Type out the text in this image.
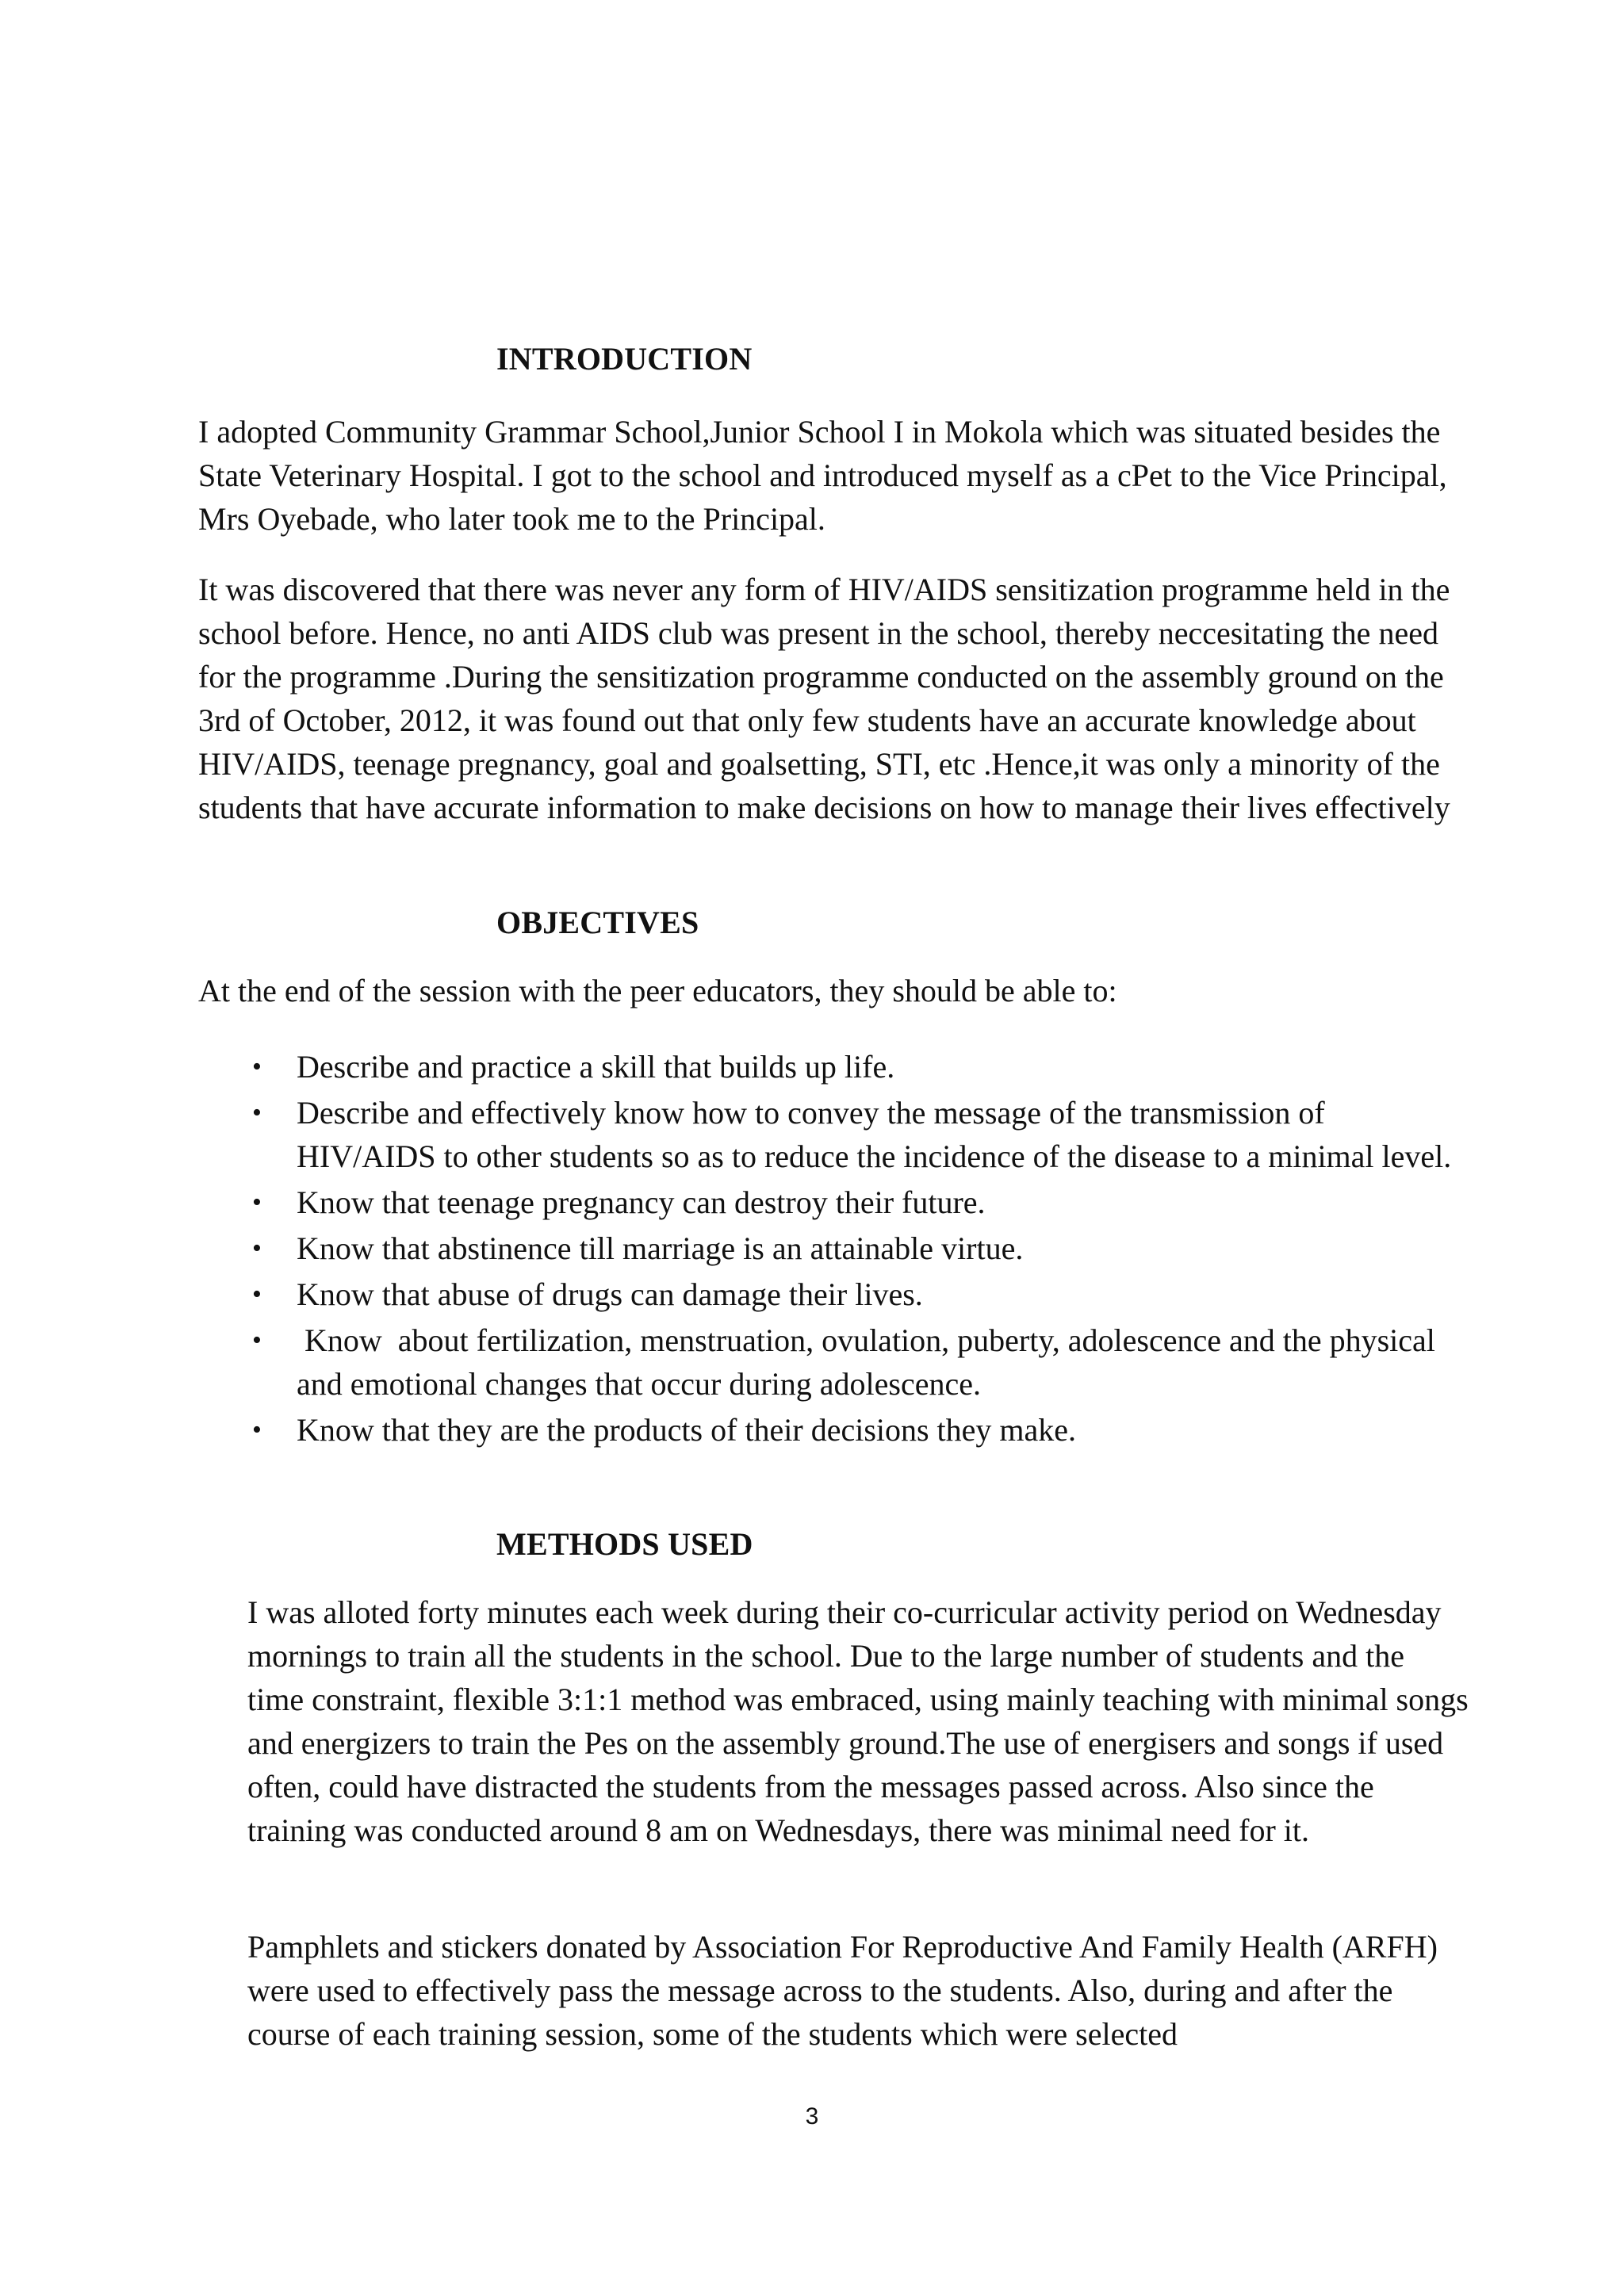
INTRODUCTION

I adopted Community Grammar School,Junior School I in Mokola which was situated besides the State Veterinary Hospital. I got to the school and introduced myself as a cPet to the Vice Principal, Mrs Oyebade, who later took me to the Principal.

It was discovered that there was never any form of HIV/AIDS sensitization programme held in the school before. Hence, no anti AIDS club was present in the school, thereby neccesitating the need for the programme .During the sensitization programme conducted on the assembly ground on the 3rd of October, 2012, it was found out that only few students have an accurate knowledge about HIV/AIDS, teenage pregnancy, goal and goalsetting, STI, etc .Hence,it was only a minority of the students that have accurate information to make decisions on how to manage their lives effectively

OBJECTIVES

At the end of the session with the peer educators, they should be able to:

• Describe and practice a skill that builds up life.
• Describe and effectively know how to convey the message of the transmission of HIV/AIDS to other students so as to reduce the incidence of the disease to a minimal level.
• Know that teenage pregnancy can destroy their future.
• Know that abstinence till marriage is an attainable virtue.
• Know that abuse of drugs can damage their lives.
• Know  about fertilization, menstruation, ovulation, puberty, adolescence and the physical and emotional changes that occur during adolescence.
• Know that they are the products of their decisions they make.
METHODS USED

I was alloted forty minutes each week during their co-curricular activity period on Wednesday mornings to train all the students in the school. Due to the large number of students and the time constraint, flexible 3:1:1 method was embraced, using mainly teaching with minimal songs and energizers to train the Pes on the assembly ground.The use of energisers and songs if used often, could have distracted the students from the messages passed across. Also since the training was conducted around 8 am on Wednesdays, there was minimal need for it.

Pamphlets and stickers donated by Association For Reproductive And Family Health (ARFH) were used to effectively pass the message across to the students. Also, during and after the course of each training session, some of the students which were selected

3
